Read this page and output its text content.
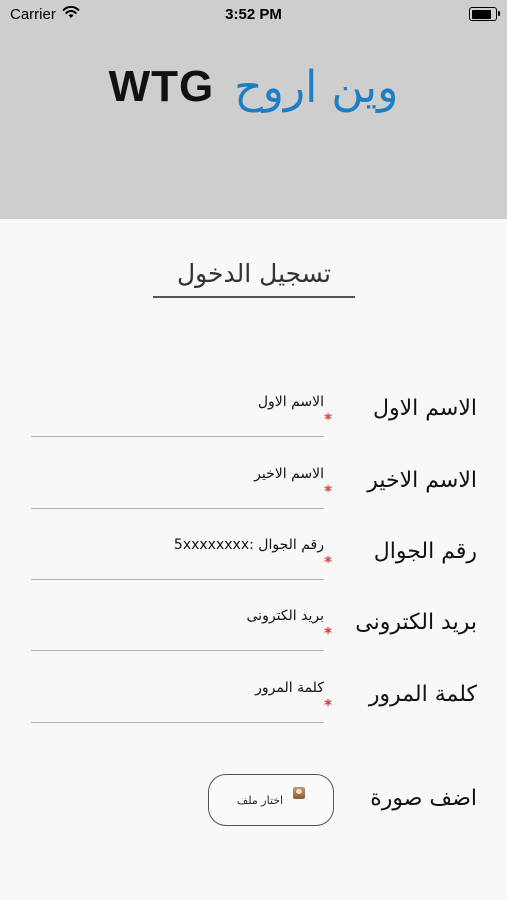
WTG وين اروح
Carrier	3:52 PM
تسجيل الدخول
الاسم الاول
* الاسم الاول
الاسم الاخير
* الاسم الاخير
رقم الجوال :5xxxxxxxx
* رقم الجوال
بريد الكترونى
* بريد الكترونى
كلمة المرور
* كلمة المرور
اضف صورة
اختار ملف
